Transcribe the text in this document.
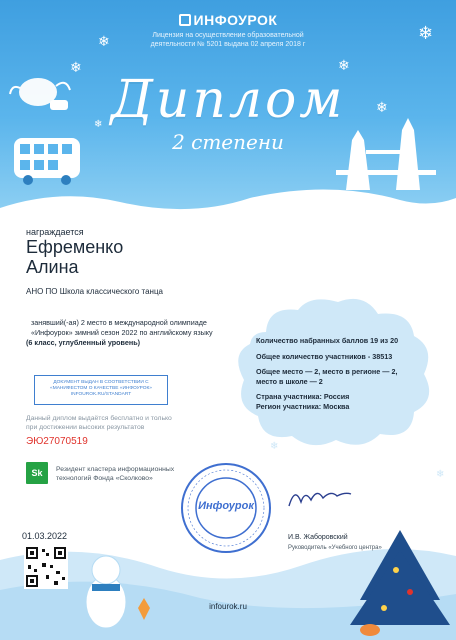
ИНФОУРОК
Лицензия на осуществление образовательной
деятельности № 5201 выдана 02 апреля 2018 г
Диплом
2 степени
❄
❄	❄
❄
❄
❄
награждается
Ефременко
Алина
АНО ПО Школа классического танца
занявший(-ая) 2 место в международной олимпиаде
«Инфоурок» зимний сезон 2022 по английскому языку
(6 класс, углубленный уровень)
ДОКУМЕНТ ВЫДАН В СООТВЕТСТВИИ С
«МАНИФЕСТОМ О КАЧЕСТВЕ «ИНФОУРОК»
INFOUROK.RU/STANDART
Данный диплом выдаётся бесплатно и только
при достижении высоких результатов
ЭЮ27070519
Sk	Резидент кластера информационных
технологий Фонда «Сколково»
Количество набранных баллов 19 из 20
Общее количество участников - 38513
Общее место — 2, место в регионе — 2,
место в школе — 2
Страна участника: Россия
Регион участника: Москва
❄
❄
❄
Инфоурок
И.В. Жаборовский
Руководитель «Учебного центра»
01.03.2022
infourok.ru
